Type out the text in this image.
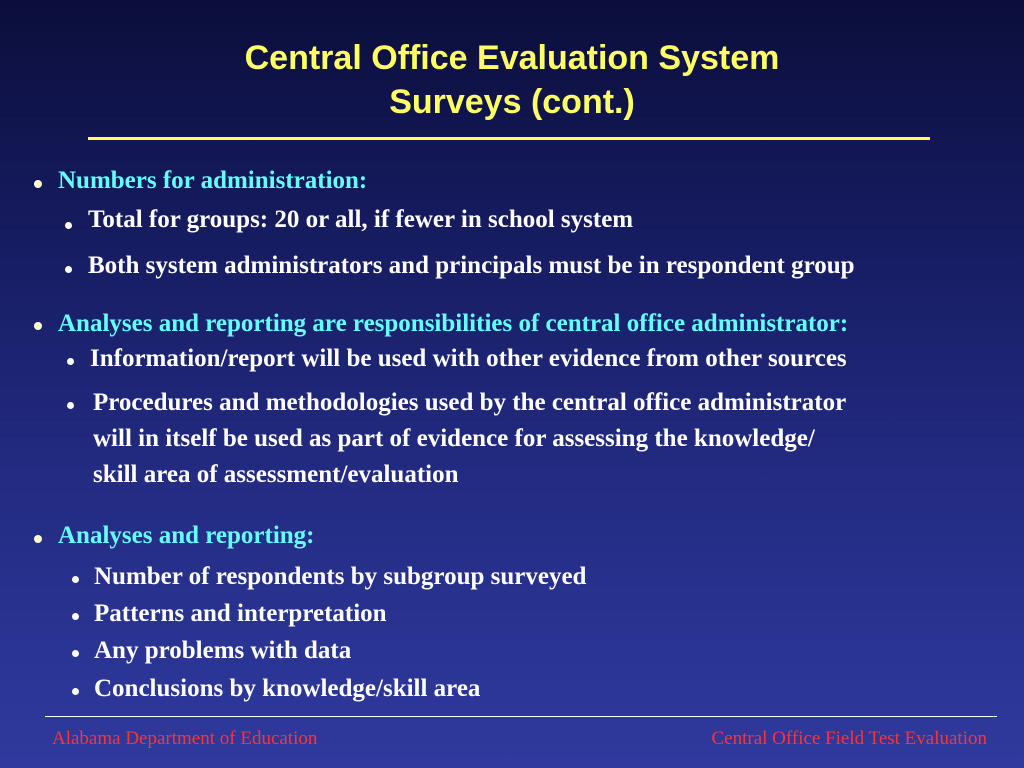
Central Office Evaluation System
Surveys (cont.)
Numbers for administration:
Total for groups: 20 or all, if fewer in school system
Both system administrators and principals must be in respondent group
Analyses and reporting are responsibilities of central office administrator:
Information/report will be used with other evidence from other sources
Procedures and methodologies used by the central office administrator
will in itself be used as part of evidence for assessing the knowledge/
skill area of assessment/evaluation
Analyses and reporting:
Number of respondents by subgroup surveyed
Patterns and interpretation
Any problems with data
Conclusions by knowledge/skill area
Alabama Department of Education	Central Office Field Test Evaluation
